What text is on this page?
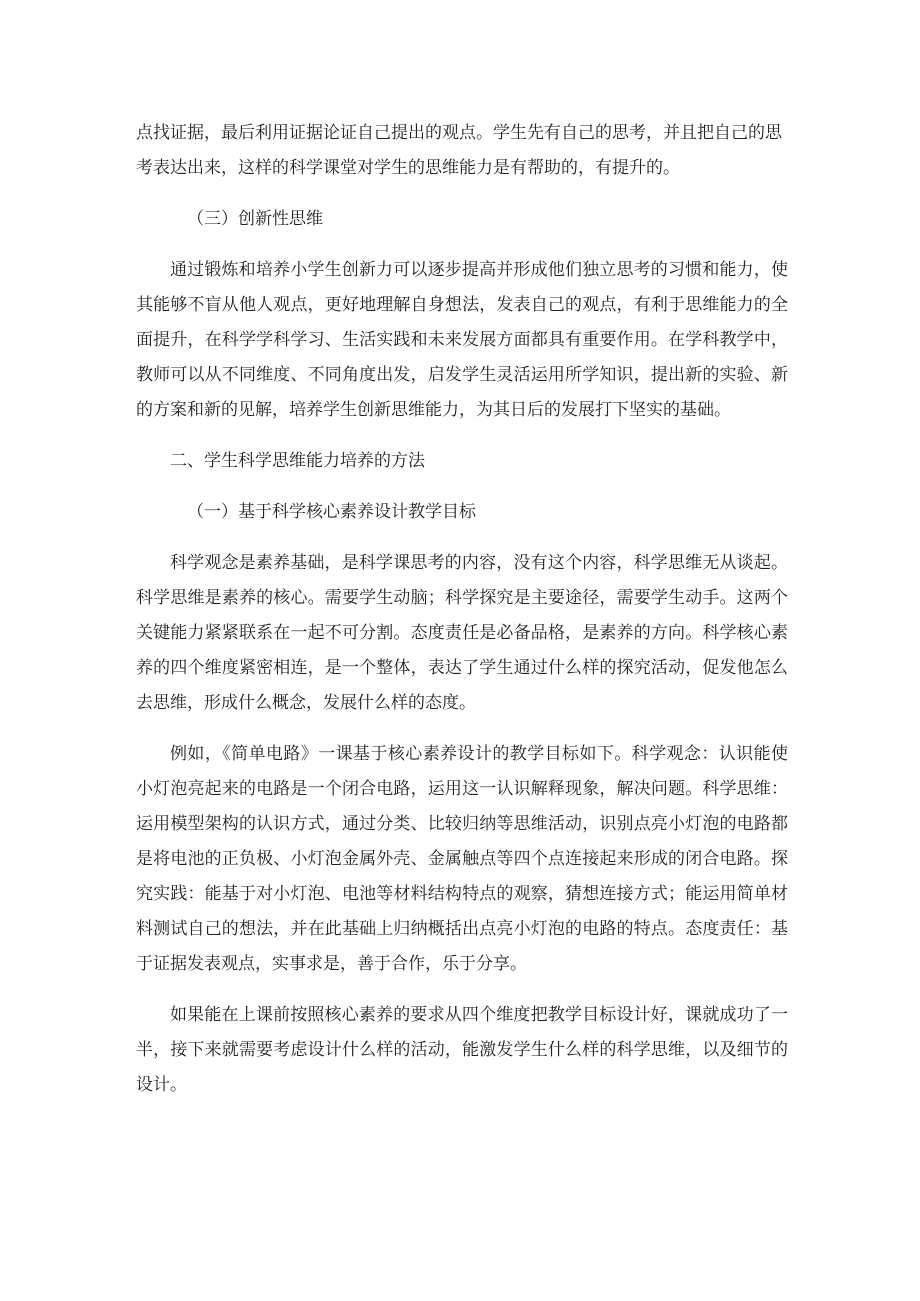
点找证据，最后利用证据论证自己提出的观点。学生先有自己的思考，并且把自己的思考表达出来，这样的科学课堂对学生的思维能力是有帮助的，有提升的。

（三）创新性思维

通过锻炼和培养小学生创新力可以逐步提高并形成他们独立思考的习惯和能力，使其能够不盲从他人观点，更好地理解自身想法，发表自己的观点，有利于思维能力的全面提升，在科学学科学习、生活实践和未来发展方面都具有重要作用。在学科教学中，教师可以从不同维度、不同角度出发，启发学生灵活运用所学知识，提出新的实验、新的方案和新的见解，培养学生创新思维能力，为其日后的发展打下坚实的基础。

二、学生科学思维能力培养的方法

（一）基于科学核心素养设计教学目标

科学观念是素养基础，是科学课思考的内容，没有这个内容，科学思维无从谈起。科学思维是素养的核心。需要学生动脑；科学探究是主要途径，需要学生动手。这两个关键能力紧紧联系在一起不可分割。态度责任是必备品格，是素养的方向。科学核心素养的四个维度紧密相连，是一个整体，表达了学生通过什么样的探究活动，促发他怎么去思维，形成什么概念，发展什么样的态度。

例如，《简单电路》一课基于核心素养设计的教学目标如下。科学观念：认识能使小灯泡亮起来的电路是一个闭合电路，运用这一认识解释现象，解决问题。科学思维：运用模型架构的认识方式，通过分类、比较归纳等思维活动，识别点亮小灯泡的电路都是将电池的正负极、小灯泡金属外壳、金属触点等四个点连接起来形成的闭合电路。探究实践：能基于对小灯泡、电池等材料结构特点的观察，猜想连接方式；能运用简单材料测试自己的想法，并在此基础上归纳概括出点亮小灯泡的电路的特点。态度责任：基于证据发表观点，实事求是，善于合作，乐于分享。

如果能在上课前按照核心素养的要求从四个维度把教学目标设计好，课就成功了一半，接下来就需要考虑设计什么样的活动，能激发学生什么样的科学思维，以及细节的设计。
